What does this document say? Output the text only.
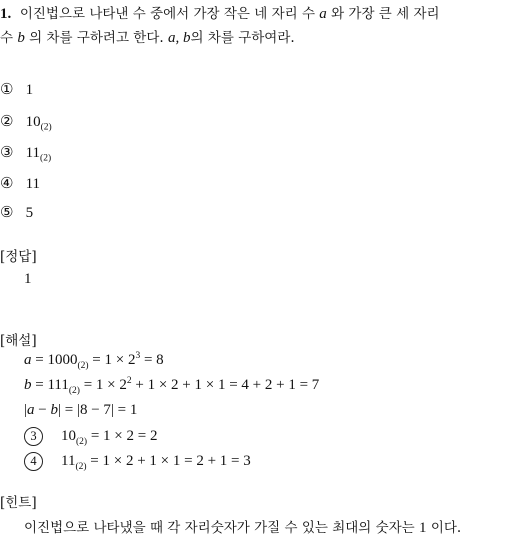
1. 이진법으로 나타낸 수 중에서 가장 작은 네 자리 수 a 와 가장 큰 세 자리
수 b 의 차를 구하려고 한다. a, b의 차를 구하여라.
① 1
② $10_{(2)}$
③ $11_{(2)}$
④ 11
⑤ 5
[정답]
1
[해설]
$a = 1000_{(2)} = 1 \times 2^3 = 8$
$b = 111_{(2)} = 1 \times 2^2 + 1 \times 2 + 1 \times 1 = 4 + 2 + 1 = 7$
|a − b| = |8 − 7| = 1
3 $10_{(2)} = 1 \times 2 = 2$
4 $11_{(2)} = 1 \times 2 + 1 \times 1 = 2 + 1 = 3$
[힌트]
이진법으로 나타냈을 때 각 자리숫자가 가질 수 있는 최대의 숫자는 1 이다.
